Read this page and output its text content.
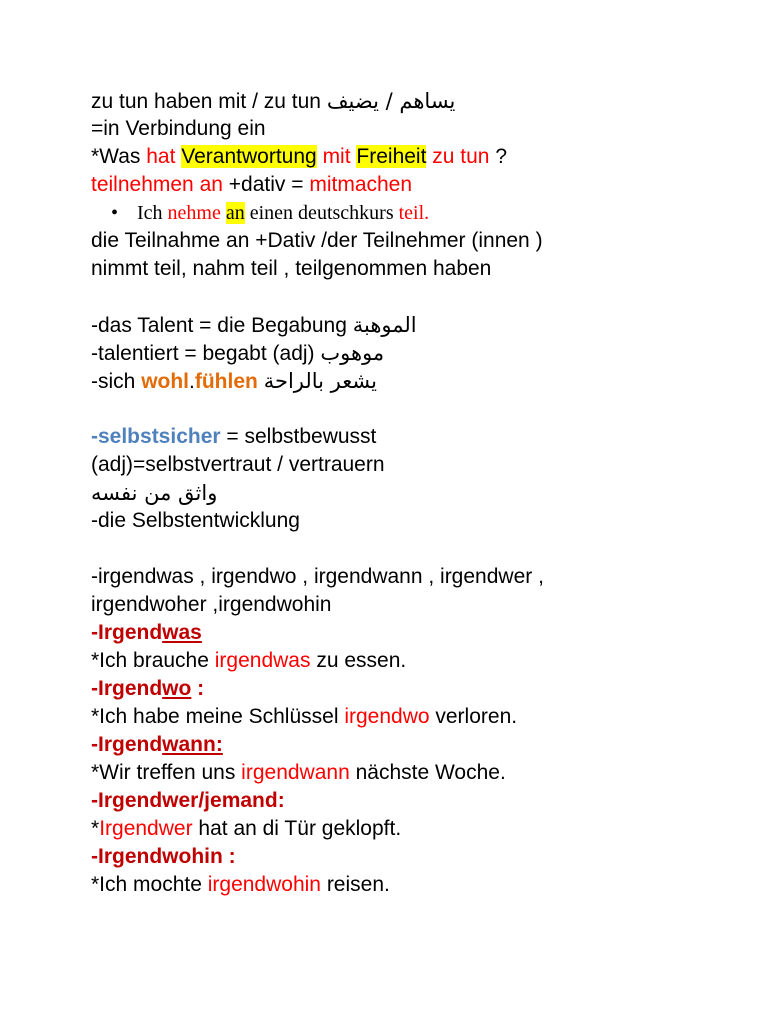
zu tun haben mit / zu tun يساهم / يضيف
=in Verbindung ein
*Was hat Verantwortung mit Freiheit zu tun ?
teilnehmen an +dativ = mitmachen
• Ich nehme an einen deutschkurs teil.
die Teilnahme an +Dativ /der Teilnehmer (innen )
nimmt teil, nahm teil , teilgenommen haben
-das Talent = die Begabung الموهبة
-talentiert = begabt (adj) موهوب
-sich wohl.fühlen يشعر بالراحة
-selbstsicher = selbstbewusst
(adj)=selbstvertraut / vertrauern
واثق من نفسه
-die Selbstentwicklung
-irgendwas , irgendwo , irgendwann , irgendwer ,
irgendwoher ,irgendwohin
-Irgendwas
*Ich brauche irgendwas zu essen.
-Irgendwo :
*Ich habe meine Schlüssel irgendwo verloren.
-Irgendwann:
*Wir treffen uns irgendwann nächste Woche.
-Irgendwer/jemand:
*Irgendwer hat an di Tür geklopft.
-Irgendwohin :
*Ich mochte irgendwohin reisen.
